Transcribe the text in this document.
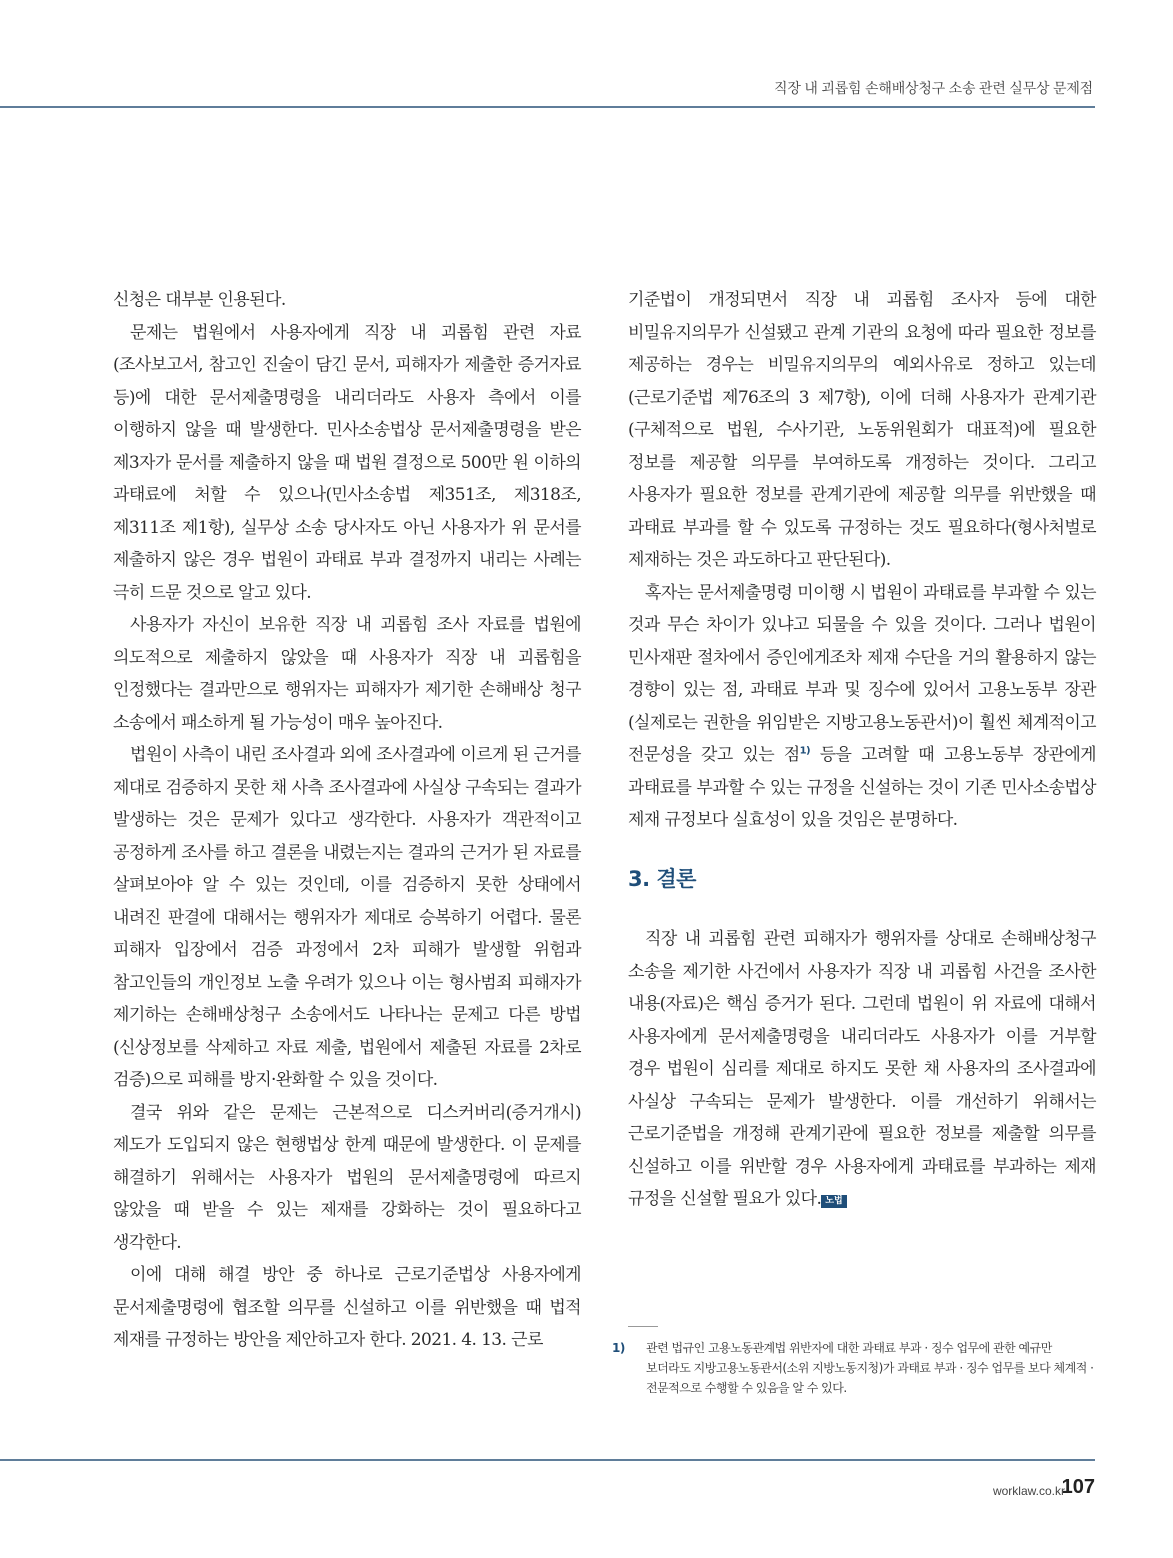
직장 내 괴롭힘 손해배상청구 소송 관련 실무상 문제점

신청은 대부분 인용된다.

문제는 법원에서 사용자에게 직장 내 괴롭힘 관련 자료(조사보고서, 참고인 진술이 담긴 문서, 피해자가 제출한 증거자료 등)에 대한 문서제출명령을 내리더라도 사용자 측에서 이를 이행하지 않을 때 발생한다. 민사소송법상 문서제출명령을 받은 제3자가 문서를 제출하지 않을 때 법원 결정으로 500만 원 이하의 과태료에 처할 수 있으나(민사소송법 제351조, 제318조, 제311조 제1항), 실무상 소송 당사자도 아닌 사용자가 위 문서를 제출하지 않은 경우 법원이 과태료 부과 결정까지 내리는 사례는 극히 드문 것으로 알고 있다.

사용자가 자신이 보유한 직장 내 괴롭힘 조사 자료를 법원에 의도적으로 제출하지 않았을 때 사용자가 직장 내 괴롭힘을 인정했다는 결과만으로 행위자는 피해자가 제기한 손해배상 청구 소송에서 패소하게 될 가능성이 매우 높아진다.

법원이 사측이 내린 조사결과 외에 조사결과에 이르게 된 근거를 제대로 검증하지 못한 채 사측 조사결과에 사실상 구속되는 결과가 발생하는 것은 문제가 있다고 생각한다. 사용자가 객관적이고 공정하게 조사를 하고 결론을 내렸는지는 결과의 근거가 된 자료를 살펴보아야 알 수 있는 것인데, 이를 검증하지 못한 상태에서 내려진 판결에 대해서는 행위자가 제대로 승복하기 어렵다. 물론 피해자 입장에서 검증 과정에서 2차 피해가 발생할 위험과 참고인들의 개인정보 노출 우려가 있으나 이는 형사범죄 피해자가 제기하는 손해배상청구 소송에서도 나타나는 문제고 다른 방법(신상정보를 삭제하고 자료 제출, 법원에서 제출된 자료를 2차로 검증)으로 피해를 방지·완화할 수 있을 것이다.

결국 위와 같은 문제는 근본적으로 디스커버리(증거개시) 제도가 도입되지 않은 현행법상 한계 때문에 발생한다. 이 문제를 해결하기 위해서는 사용자가 법원의 문서제출명령에 따르지 않았을 때 받을 수 있는 제재를 강화하는 것이 필요하다고 생각한다.

이에 대해 해결 방안 중 하나로 근로기준법상 사용자에게 문서제출명령에 협조할 의무를 신설하고 이를 위반했을 때 법적 제재를 규정하는 방안을 제안하고자 한다. 2021. 4. 13. 근로

기준법이 개정되면서 직장 내 괴롭힘 조사자 등에 대한 비밀유지의무가 신설됐고 관계 기관의 요청에 따라 필요한 정보를 제공하는 경우는 비밀유지의무의 예외사유로 정하고 있는데(근로기준법 제76조의 3 제7항), 이에 더해 사용자가 관계기관(구체적으로 법원, 수사기관, 노동위원회가 대표적)에 필요한 정보를 제공할 의무를 부여하도록 개정하는 것이다. 그리고 사용자가 필요한 정보를 관계기관에 제공할 의무를 위반했을 때 과태료 부과를 할 수 있도록 규정하는 것도 필요하다(형사처벌로 제재하는 것은 과도하다고 판단된다).

혹자는 문서제출명령 미이행 시 법원이 과태료를 부과할 수 있는 것과 무슨 차이가 있냐고 되물을 수 있을 것이다. 그러나 법원이 민사재판 절차에서 증인에게조차 제재 수단을 거의 활용하지 않는 경향이 있는 점, 과태료 부과 및 징수에 있어서 고용노동부 장관(실제로는 권한을 위임받은 지방고용노동관서)이 훨씬 체계적이고 전문성을 갖고 있는 점$^{1)}$ 등을 고려할 때 고용노동부 장관에게 과태료를 부과할 수 있는 규정을 신설하는 것이 기존 민사소송법상 제재 규정보다 실효성이 있을 것임은 분명하다.

3. 결론

직장 내 괴롭힘 관련 피해자가 행위자를 상대로 손해배상청구 소송을 제기한 사건에서 사용자가 직장 내 괴롭힘 사건을 조사한 내용(자료)은 핵심 증거가 된다. 그런데 법원이 위 자료에 대해서 사용자에게 문서제출명령을 내리더라도 사용자가 이를 거부할 경우 법원이 심리를 제대로 하지도 못한 채 사용자의 조사결과에 사실상 구속되는 문제가 발생한다. 이를 개선하기 위해서는 근로기준법을 개정해 관계기관에 필요한 정보를 제출할 의무를 신설하고 이를 위반할 경우 사용자에게 과태료를 부과하는 제재 규정을 신설할 필요가 있다. 노법

1)	관련 법규인 고용노동관계법 위반자에 대한 과태료 부과 · 징수 업무에 관한 예규만 보더라도 지방고용노동관서(소위 지방노동지청)가 과태료 부과 · 징수 업무를 보다 체계적 · 전문적으로 수행할 수 있음을 알 수 있다.
worklaw.co.kr
107
